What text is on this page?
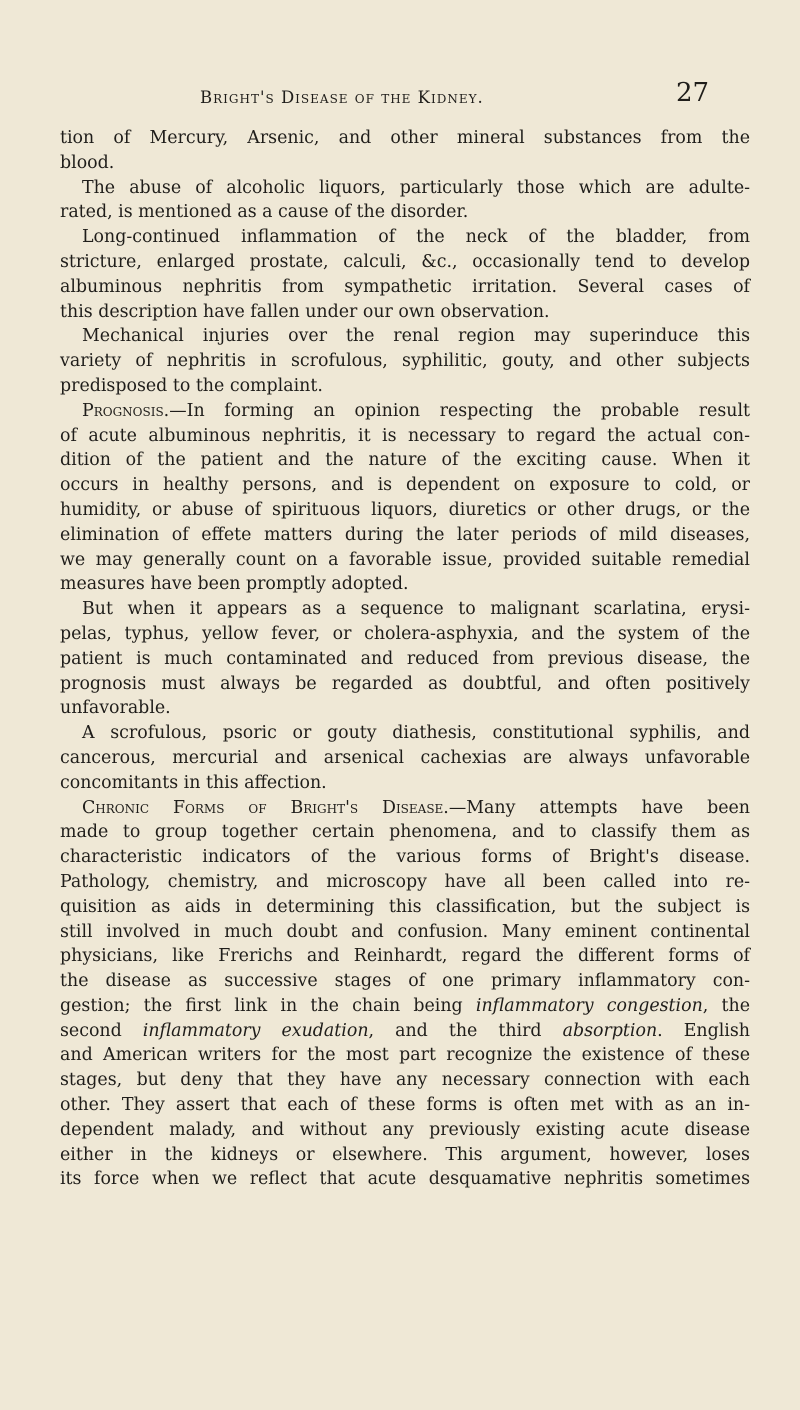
Bright's Disease of the Kidney.	27
tion of Mercury, Arsenic, and other mineral substances from the
blood.
The abuse of alcoholic liquors, particularly those which are adulte-
rated, is mentioned as a cause of the disorder.
Long-continued inflammation of the neck of the bladder, from
stricture, enlarged prostate, calculi, &c., occasionally tend to develop
albuminous nephritis from sympathetic irritation. Several cases of
this description have fallen under our own observation.
Mechanical injuries over the renal region may superinduce this
variety of nephritis in scrofulous, syphilitic, gouty, and other subjects
predisposed to the complaint.
Prognosis.—In forming an opinion respecting the probable result
of acute albuminous nephritis, it is necessary to regard the actual con-
dition of the patient and the nature of the exciting cause. When it
occurs in healthy persons, and is dependent on exposure to cold, or
humidity, or abuse of spirituous liquors, diuretics or other drugs, or the
elimination of effete matters during the later periods of mild diseases,
we may generally count on a favorable issue, provided suitable remedial
measures have been promptly adopted.
But when it appears as a sequence to malignant scarlatina, erysi-
pelas, typhus, yellow fever, or cholera-asphyxia, and the system of the
patient is much contaminated and reduced from previous disease, the
prognosis must always be regarded as doubtful, and often positively
unfavorable.
A scrofulous, psoric or gouty diathesis, constitutional syphilis, and
cancerous, mercurial and arsenical cachexias are always unfavorable
concomitants in this affection.
Chronic Forms of Bright's Disease.—Many attempts have been
made to group together certain phenomena, and to classify them as
characteristic indicators of the various forms of Bright's disease.
Pathology, chemistry, and microscopy have all been called into re-
quisition as aids in determining this classification, but the subject is
still involved in much doubt and confusion. Many eminent continental
physicians, like Frerichs and Reinhardt, regard the different forms of
the disease as successive stages of one primary inflammatory con-
gestion; the first link in the chain being inflammatory congestion, the
second inflammatory exudation, and the third absorption. English
and American writers for the most part recognize the existence of these
stages, but deny that they have any necessary connection with each
other. They assert that each of these forms is often met with as an in-
dependent malady, and without any previously existing acute disease
either in the kidneys or elsewhere. This argument, however, loses
its force when we reflect that acute desquamative nephritis sometimes
